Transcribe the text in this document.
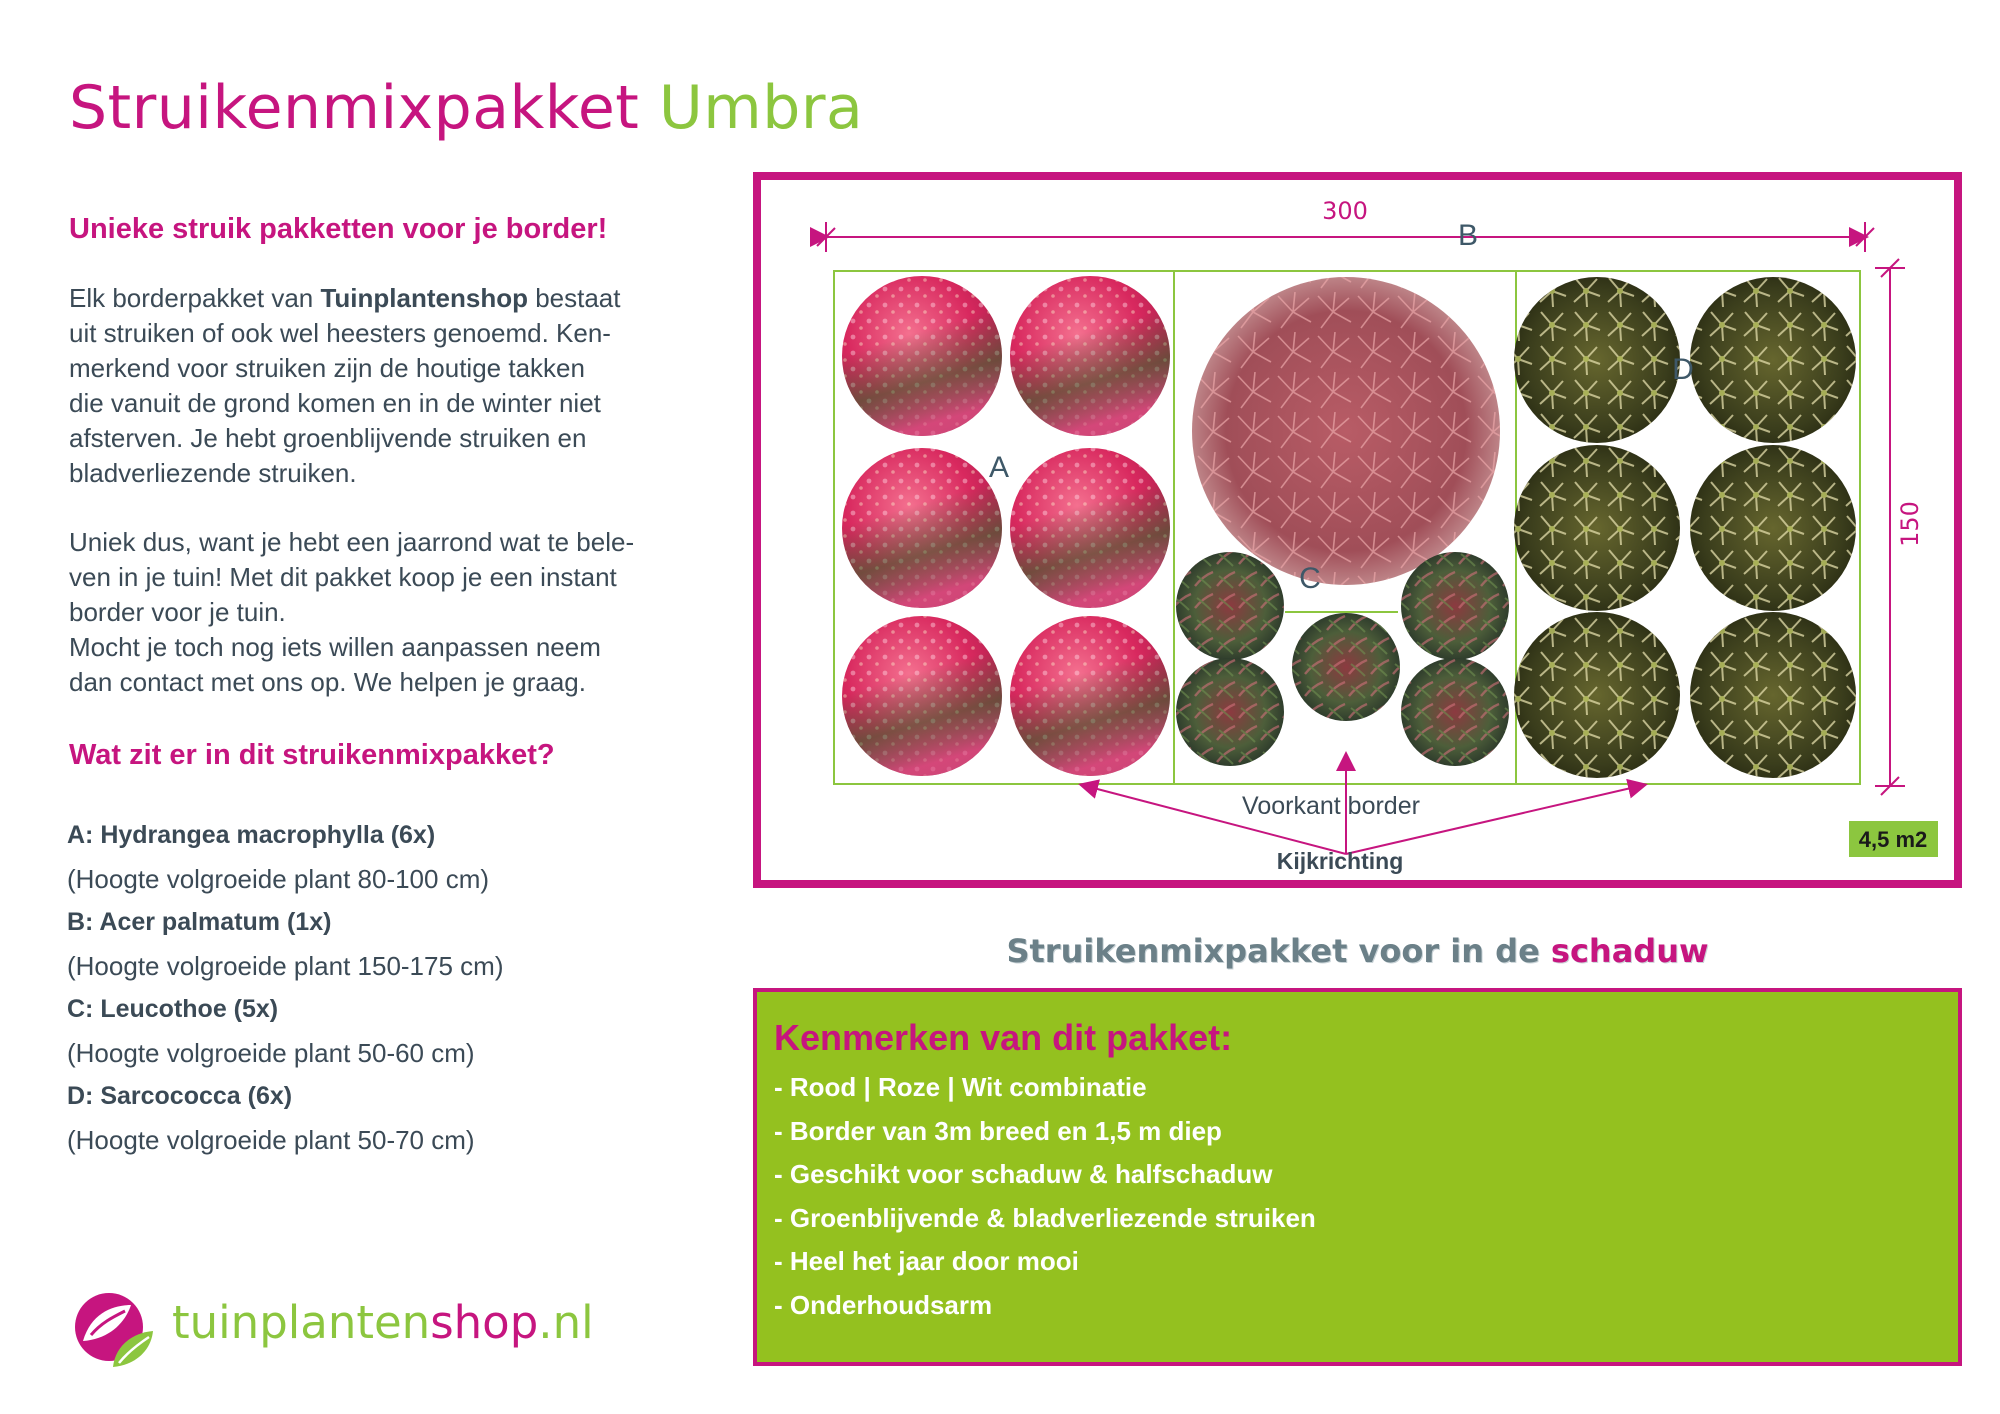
Struikenmixpakket Umbra
Unieke struik pakketten voor je border!
Elk borderpakket van Tuinplantenshop bestaat
uit struiken of ook wel heesters genoemd. Ken-
merkend voor struiken zijn de houtige takken
die vanuit de grond komen en in de winter niet
afsterven. Je hebt groenblijvende struiken en
bladverliezende struiken.
Uniek dus, want je hebt een jaarrond wat te bele-
ven in je tuin! Met dit pakket koop je een instant
border voor je tuin.
Mocht je toch nog iets willen aanpassen neem
dan contact met ons op. We helpen je graag.
Wat zit er in dit struikenmixpakket?
A: Hydrangea macrophylla (6x)
(Hoogte volgroeide plant 80-100 cm)
B: Acer palmatum (1x)
(Hoogte volgroeide plant 150-175 cm)
C: Leucothoe (5x)
(Hoogte volgroeide plant 50-60 cm)
D: Sarcococca (6x)
(Hoogte volgroeide plant 50-70 cm)
tuinplantenshop.nl
300
150
A
B
C
D
Voorkant border
Kijkrichting
4,5 m2
Struikenmixpakket voor in de schaduw
Kenmerken van dit pakket:
- Rood | Roze | Wit combinatie
- Border van 3m breed en 1,5 m diep
- Geschikt voor schaduw & halfschaduw
- Groenblijvende & bladverliezende struiken
- Heel het jaar door mooi
- Onderhoudsarm
